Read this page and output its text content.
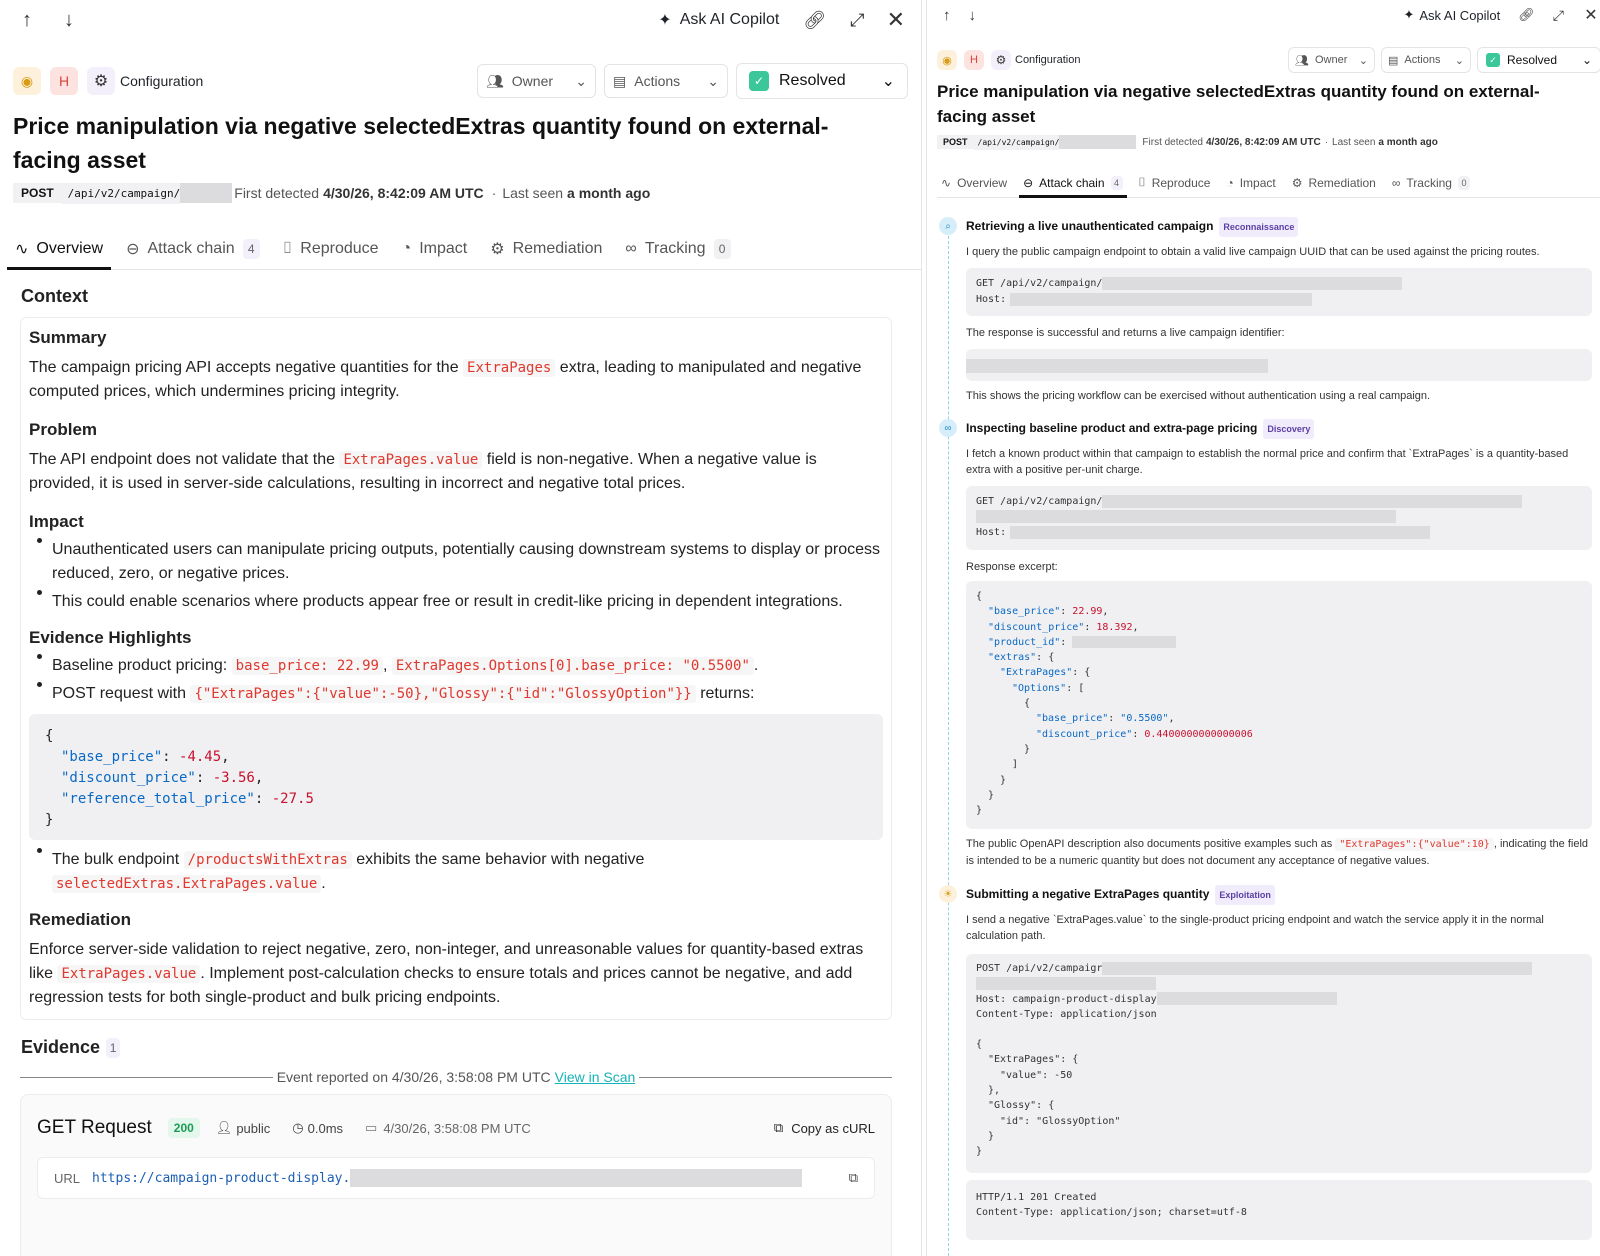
↑	↓	✦ Ask AI Copilot 🔗︎ ⤢ ✕
◉	H	⚙ Configuration	👥︎ Owner	⌄ ▤ Actions	⌄	✓ Resolved	⌄
Price manipulation via negative selectedExtras quantity found on external-facing asset
POST	/api/v2/campaign/	First detected 4/30/26, 8:42:09 AM UTC · Last seen a month ago
∿ Overview ⊖ Attack chain	4	⌷ Reproduce ◔ Impact ⚙ Remediation ∞ Tracking	0
Context
Summary

The campaign pricing API accepts negative quantities for the ExtraPages extra, leading to manipulated and negative computed prices, which undermines pricing integrity.

Problem

The API endpoint does not validate that the ExtraPages.value field is non-negative. When a negative value is provided, it is used in server-side calculations, resulting in incorrect and negative total prices.

Impact
Unauthenticated users can manipulate pricing outputs, potentially causing downstream systems to display or process reduced, zero, or negative prices.
This could enable scenarios where products appear free or result in credit-like pricing in dependent integrations.
Evidence Highlights
Baseline product pricing: base_price: 22.99 , ExtraPages.Options[0].base_price: "0.5500" .
POST request with {"ExtraPages":{"value":-50},"Glossy":{"id":"GlossyOption"}} returns:
{
"base_price": -4.45,
"discount_price": -3.56,
"reference_total_price": -27.5
}
The bulk endpoint /productsWithExtras exhibits the same behavior with negative
selectedExtras.ExtraPages.value .
Remediation

Enforce server-side validation to reject negative, zero, non-integer, and unreasonable values for quantity-based extras like ExtraPages.value . Implement post-calculation checks to ensure totals and prices cannot be negative, and add regression tests for both single-product and bulk pricing endpoints.

Evidence 1
Event reported on 4/30/26, 3:58:08 PM UTC View in Scan
GET Request	200	👤︎ public ◷ 0.0ms ▭ 4/30/26, 3:58:08 PM UTC	⧉ Copy as cURL
URL https://campaign-product-display.	⧉
↑ ↓	✦ Ask AI Copilot 🔗︎ ⤢ ✕
◉	H	⚙ Configuration	👥︎ Owner	⌄ ▤ Actions	⌄	✓ Resolved	⌄
Price manipulation via negative selectedExtras quantity found on external-facing asset
POST	/api/v2/campaign/	First detected 4/30/26, 8:42:09 AM UTC · Last seen a month ago
∿ Overview ⊖ Attack chain	4 ⌷ Reproduce ◔ Impact ⚙ Remediation ∞ Tracking	0
⌕	Retrieving a live unauthenticated campaign Reconnaissance

I query the public campaign endpoint to obtain a valid live campaign UUID that can be used against the pricing routes.

GET /api/v2/campaign/
Host:

The response is successful and returns a live campaign identifier:

This shows the pricing workflow can be exercised without authentication using a real campaign.

∞	Inspecting baseline product and extra-page pricing Discovery

I fetch a known product within that campaign to establish the normal price and confirm that `ExtraPages` is a quantity-based extra with a positive per-unit charge.

GET /api/v2/campaign/
Host:

Response excerpt:

{
"base_price": 22.99,
"discount_price": 18.392,
"product_id":
"extras": {
"ExtraPages": {
"Options": [
{
"base_price": "0.5500",
"discount_price": 0.4400000000000006
}
]
}
}
}

The public OpenAPI description also documents positive examples such as "ExtraPages":{"value":10} , indicating the field is intended to be a numeric quantity but does not document any acceptance of negative values.

☀	Submitting a negative ExtraPages quantity Exploitation

I send a negative `ExtraPages.value` to the single-product pricing endpoint and watch the service apply it in the normal calculation path.

POST /api/v2/campaigr
Host: campaign-product-display
Content-Type: application/json
{
"ExtraPages": {
"value": -50
},
"Glossy": {
"id": "GlossyOption"
}
}
HTTP/1.1 201 Created
Content-Type: application/json; charset=utf-8
